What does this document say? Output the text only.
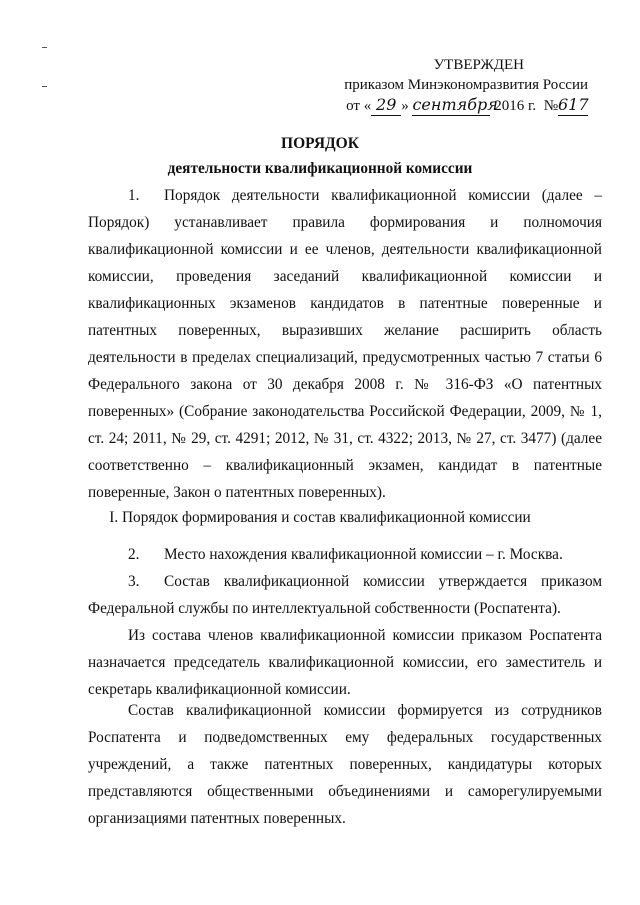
УТВЕРЖДЕН
приказом Минэкономразвития России
от « 29 » сентября 2016 г. №617
ПОРЯДОК
деятельности квалификационной комиссии

1. Порядок деятельности квалификационной комиссии (далее – Порядок) устанавливает правила формирования и полномочия квалификационной комиссии и ее членов, деятельности квалификационной комиссии, проведения заседаний квалификационной комиссии и квалификационных экзаменов кандидатов в патентные поверенные и патентных поверенных, выразивших желание расширить область деятельности в пределах специализаций, предусмотренных частью 7 статьи 6 Федерального закона от 30 декабря 2008 г. № 316-ФЗ «О патентных поверенных» (Собрание законодательства Российской Федерации, 2009, № 1, ст. 24; 2011, № 29, ст. 4291; 2012, № 31, ст. 4322; 2013, № 27, ст. 3477) (далее соответственно – квалификационный экзамен, кандидат в патентные поверенные, Закон о патентных поверенных).

I. Порядок формирования и состав квалификационной комиссии

2. Место нахождения квалификационной комиссии – г. Москва.

3. Состав квалификационной комиссии утверждается приказом Федеральной службы по интеллектуальной собственности (Роспатента).

Из состава членов квалификационной комиссии приказом Роспатента назначается председатель квалификационной комиссии, его заместитель и секретарь квалификационной комиссии.

Состав квалификационной комиссии формируется из сотрудников Роспатента и подведомственных ему федеральных государственных учреждений, а также патентных поверенных, кандидатуры которых представляются общественными объединениями и саморегулируемыми организациями патентных поверенных.
